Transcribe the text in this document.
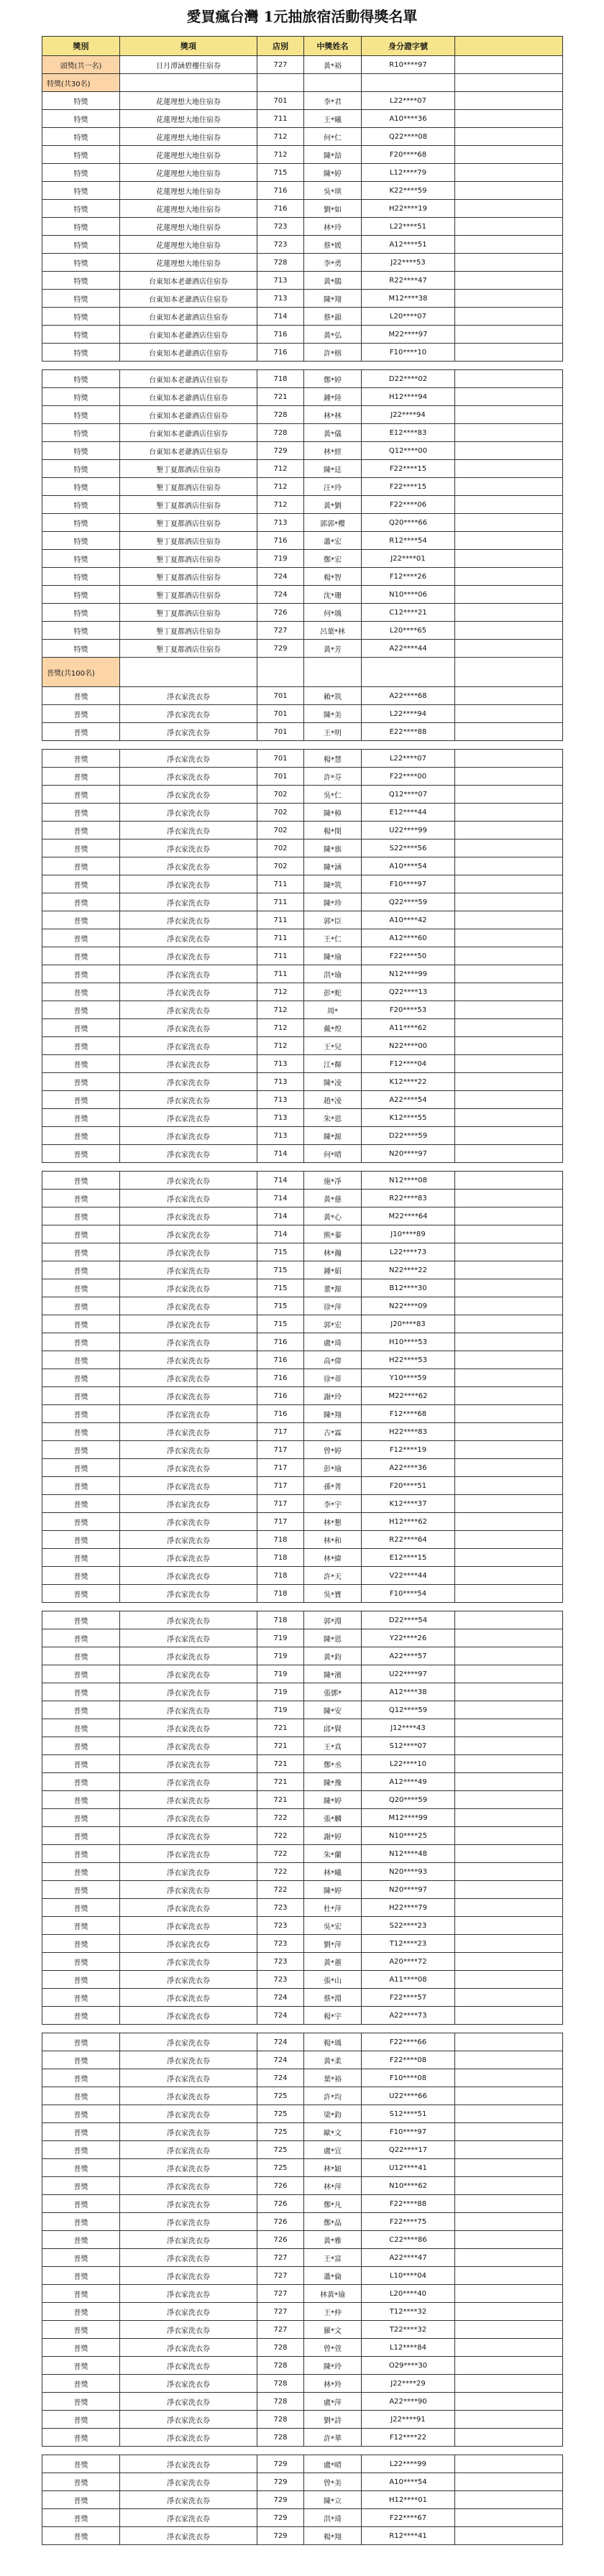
愛買瘋台灣 1元抽旅宿活動得獎名單
獎別	獎項	店別	中獎姓名	身分證字號	
頭獎(共一名)	日月潭涵碧樓住宿券	727	黃*裕	R10****97	
特獎(共30名)					
特獎	花蓮理想大地住宿券	701	李*君	L22****07	
特獎	花蓮理想大地住宿券	711	王*曦	A10****36	
特獎	花蓮理想大地住宿券	712	何*仁	Q22****08	
特獎	花蓮理想大地住宿券	712	陳*喆	F20****68	
特獎	花蓮理想大地住宿券	715	陳*婷	L12****79	
特獎	花蓮理想大地住宿券	716	吳*琪	K22****59	
特獎	花蓮理想大地住宿券	716	劉*如	H22****19	
特獎	花蓮理想大地住宿券	723	林*玲	L22****51	
特獎	花蓮理想大地住宿券	723	蔡*媛	A12****51	
特獎	花蓮理想大地住宿券	728	李*勇	J22****53	
特獎	台東知本老爺酒店住宿券	713	黃*鵑	R22****47	
特獎	台東知本老爺酒店住宿券	713	陳*翔	M12****38	
特獎	台東知本老爺酒店住宿券	714	蔡*韻	L20****07	
特獎	台東知本老爺酒店住宿券	716	黃*弘	M22****97	
特獎	台東知本老爺酒店住宿券	716	許*榕	F10****10	

特獎	台東知本老爺酒店住宿券	718	鄭*婷	D22****02	
特獎	台東知本老爺酒店住宿券	721	鍾*陸	H12****94	
特獎	台東知本老爺酒店住宿券	728	林*林	J22****94	
特獎	台東知本老爺酒店住宿券	728	黃*儀	E12****83	
特獎	台東知本老爺酒店住宿券	729	林*經	Q12****00	
特獎	墾丁夏都酒店住宿券	712	陳*廷	F22****15	
特獎	墾丁夏都酒店住宿券	712	汪*玲	F22****15	
特獎	墾丁夏都酒店住宿券	712	黃*劉	F22****06	
特獎	墾丁夏都酒店住宿券	713	郭郭*櫻	Q20****66	
特獎	墾丁夏都酒店住宿券	716	蕭*宏	R12****54	
特獎	墾丁夏都酒店住宿券	719	鄭*宏	J22****01	
特獎	墾丁夏都酒店住宿券	724	楊*智	F12****26	
特獎	墾丁夏都酒店住宿券	724	沈*珊	N10****06	
特獎	墾丁夏都酒店住宿券	726	何*瑀	C12****21	
特獎	墾丁夏都酒店住宿券	727	呂葉*林	L20****65	
特獎	墾丁夏都酒店住宿券	729	黃*芳	A22****44	
普獎(共100名)					
普獎	淨衣家洗衣券	701	賴*筑	A22****68	
普獎	淨衣家洗衣券	701	陳*美	L22****94	
普獎	淨衣家洗衣券	701	王*明	E22****88	

普獎	淨衣家洗衣券	701	楊*慧	L22****07	
普獎	淨衣家洗衣券	701	許*芬	F22****00	
普獎	淨衣家洗衣券	702	吳*仁	Q12****07	
普獎	淨衣家洗衣券	702	陳*樟	E12****44	
普獎	淨衣家洗衣券	702	楊*閔	U22****99	
普獎	淨衣家洗衣券	702	陳*旗	S22****56	
普獎	淨衣家洗衣券	702	陳*涵	A10****54	
普獎	淨衣家洗衣券	711	陳*筑	F10****97	
普獎	淨衣家洗衣券	711	陳*珍	Q22****59	
普獎	淨衣家洗衣券	711	郭*臣	A10****42	
普獎	淨衣家洗衣券	711	王*仁	A12****60	
普獎	淨衣家洗衣券	711	陳*瑜	F22****50	
普獎	淨衣家洗衣券	711	洪*瑜	N12****99	
普獎	淨衣家洗衣券	712	彭*蛇	Q22****13	
普獎	淨衣家洗衣券	712	周*	F20****53	
普獎	淨衣家洗衣券	712	戴*煌	A11****62	
普獎	淨衣家洗衣券	712	王*兒	N22****00	
普獎	淨衣家洗衣券	713	江*輝	F12****04	
普獎	淨衣家洗衣券	713	陳*凌	K12****22	
普獎	淨衣家洗衣券	713	趙*凌	A22****54	
普獎	淨衣家洗衣券	713	朱*恩	K12****55	
普獎	淨衣家洗衣券	713	陳*源	D22****59	
普獎	淨衣家洗衣券	714	何*晴	N20****97	

普獎	淨衣家洗衣券	714	施*凈	N12****08	
普獎	淨衣家洗衣券	714	黃*慈	R22****83	
普獎	淨衣家洗衣券	714	黃*心	M22****64	
普獎	淨衣家洗衣券	714	熊*蓁	J10****89	
普獎	淨衣家洗衣券	715	林*瀚	L22****73	
普獎	淨衣家洗衣券	715	鍾*娟	N22****22	
普獎	淨衣家洗衣券	715	董*源	B12****30	
普獎	淨衣家洗衣券	715	徐*萍	N22****09	
普獎	淨衣家洗衣券	715	郭*宏	J20****83	
普獎	淨衣家洗衣券	716	盧*琦	H10****53	
普獎	淨衣家洗衣券	716	高*偉	H22****53	
普獎	淨衣家洗衣券	716	徐*蒂	Y10****59	
普獎	淨衣家洗衣券	716	謝*玲	M22****62	
普獎	淨衣家洗衣券	716	陳*翔	F12****68	
普獎	淨衣家洗衣券	717	古*霖	H22****83	
普獎	淨衣家洗衣券	717	曾*婷	F12****19	
普獎	淨衣家洗衣券	717	彭*瑜	A22****36	
普獎	淨衣家洗衣券	717	孫*菁	F20****51	
普獎	淨衣家洗衣券	717	李*宇	K12****37	
普獎	淨衣家洗衣券	717	林*懇	H12****62	
普獎	淨衣家洗衣券	718	林*和	R22****64	
普獎	淨衣家洗衣券	718	林*緯	E12****15	
普獎	淨衣家洗衣券	718	許*天	V22****44	
普獎	淨衣家洗衣券	718	吳*寶	F10****54	

普獎	淨衣家洗衣券	718	郭*淵	D22****54	
普獎	淨衣家洗衣券	719	陳*恩	Y22****26	
普獎	淨衣家洗衣券	719	黃*鈞	A22****57	
普獎	淨衣家洗衣券	719	陳*濱	U22****97	
普獎	淨衣家洗衣券	719	張鄧*	A12****38	
普獎	淨衣家洗衣券	719	陳*安	Q12****59	
普獎	淨衣家洗衣券	721	邱*賢	J12****43	
普獎	淨衣家洗衣券	721	王*真	S12****07	
普獎	淨衣家洗衣券	721	鄭*丞	L22****10	
普獎	淨衣家洗衣券	721	陳*豫	A12****49	
普獎	淨衣家洗衣券	721	陳*婷	Q20****59	
普獎	淨衣家洗衣券	722	張*麟	M12****99	
普獎	淨衣家洗衣券	722	謝*婷	N10****25	
普獎	淨衣家洗衣券	722	朱*蘭	N12****48	
普獎	淨衣家洗衣券	722	林*曦	N20****93	
普獎	淨衣家洗衣券	722	陳*婷	N20****97	
普獎	淨衣家洗衣券	723	杜*萍	H22****79	
普獎	淨衣家洗衣券	723	吳*宏	S22****23	
普獎	淨衣家洗衣券	723	劉*萍	T12****23	
普獎	淨衣家洗衣券	723	黃*蕙	A20****72	
普獎	淨衣家洗衣券	723	張*山	A11****08	
普獎	淨衣家洗衣券	724	蔡*淵	F22****57	
普獎	淨衣家洗衣券	724	楊*宇	A22****73	

普獎	淨衣家洗衣券	724	楊*瑀	F22****66	
普獎	淨衣家洗衣券	724	黃*柔	F22****08	
普獎	淨衣家洗衣券	724	葉*裕	F10****08	
普獎	淨衣家洗衣券	725	許*均	U22****66	
普獎	淨衣家洗衣券	725	梁*鈞	S12****51	
普獎	淨衣家洗衣券	725	歐*文	F10****97	
普獎	淨衣家洗衣券	725	盧*宜	Q22****17	
普獎	淨衣家洗衣券	725	林*穎	U12****41	
普獎	淨衣家洗衣券	726	林*萍	N10****62	
普獎	淨衣家洗衣券	726	鄭*凡	F22****88	
普獎	淨衣家洗衣券	726	鄭*晶	F22****75	
普獎	淨衣家洗衣券	726	黃*雅	C22****86	
普獎	淨衣家洗衣券	727	王*富	A22****47	
普獎	淨衣家洗衣券	727	蕭*倫	L10****04	
普獎	淨衣家洗衣券	727	林黃*瑜	L20****40	
普獎	淨衣家洗衣券	727	王*仲	T12****32	
普獎	淨衣家洗衣券	727	羅*文	T22****32	
普獎	淨衣家洗衣券	728	曾*萱	L12****84	
普獎	淨衣家洗衣券	728	陳*玲	O29****30	
普獎	淨衣家洗衣券	728	林*羚	J22****29	
普獎	淨衣家洗衣券	728	盧*萍	A22****90	
普獎	淨衣家洗衣券	728	劉*詩	J22****91	
普獎	淨衣家洗衣券	728	許*華	F12****22	

普獎	淨衣家洗衣券	729	盧*晴	L22****99	
普獎	淨衣家洗衣券	729	曾*美	A10****54	
普獎	淨衣家洗衣券	729	陳*立	H12****01	
普獎	淨衣家洗衣券	729	洪*琦	F22****67	
普獎	淨衣家洗衣券	729	楊*翔	R12****41	
